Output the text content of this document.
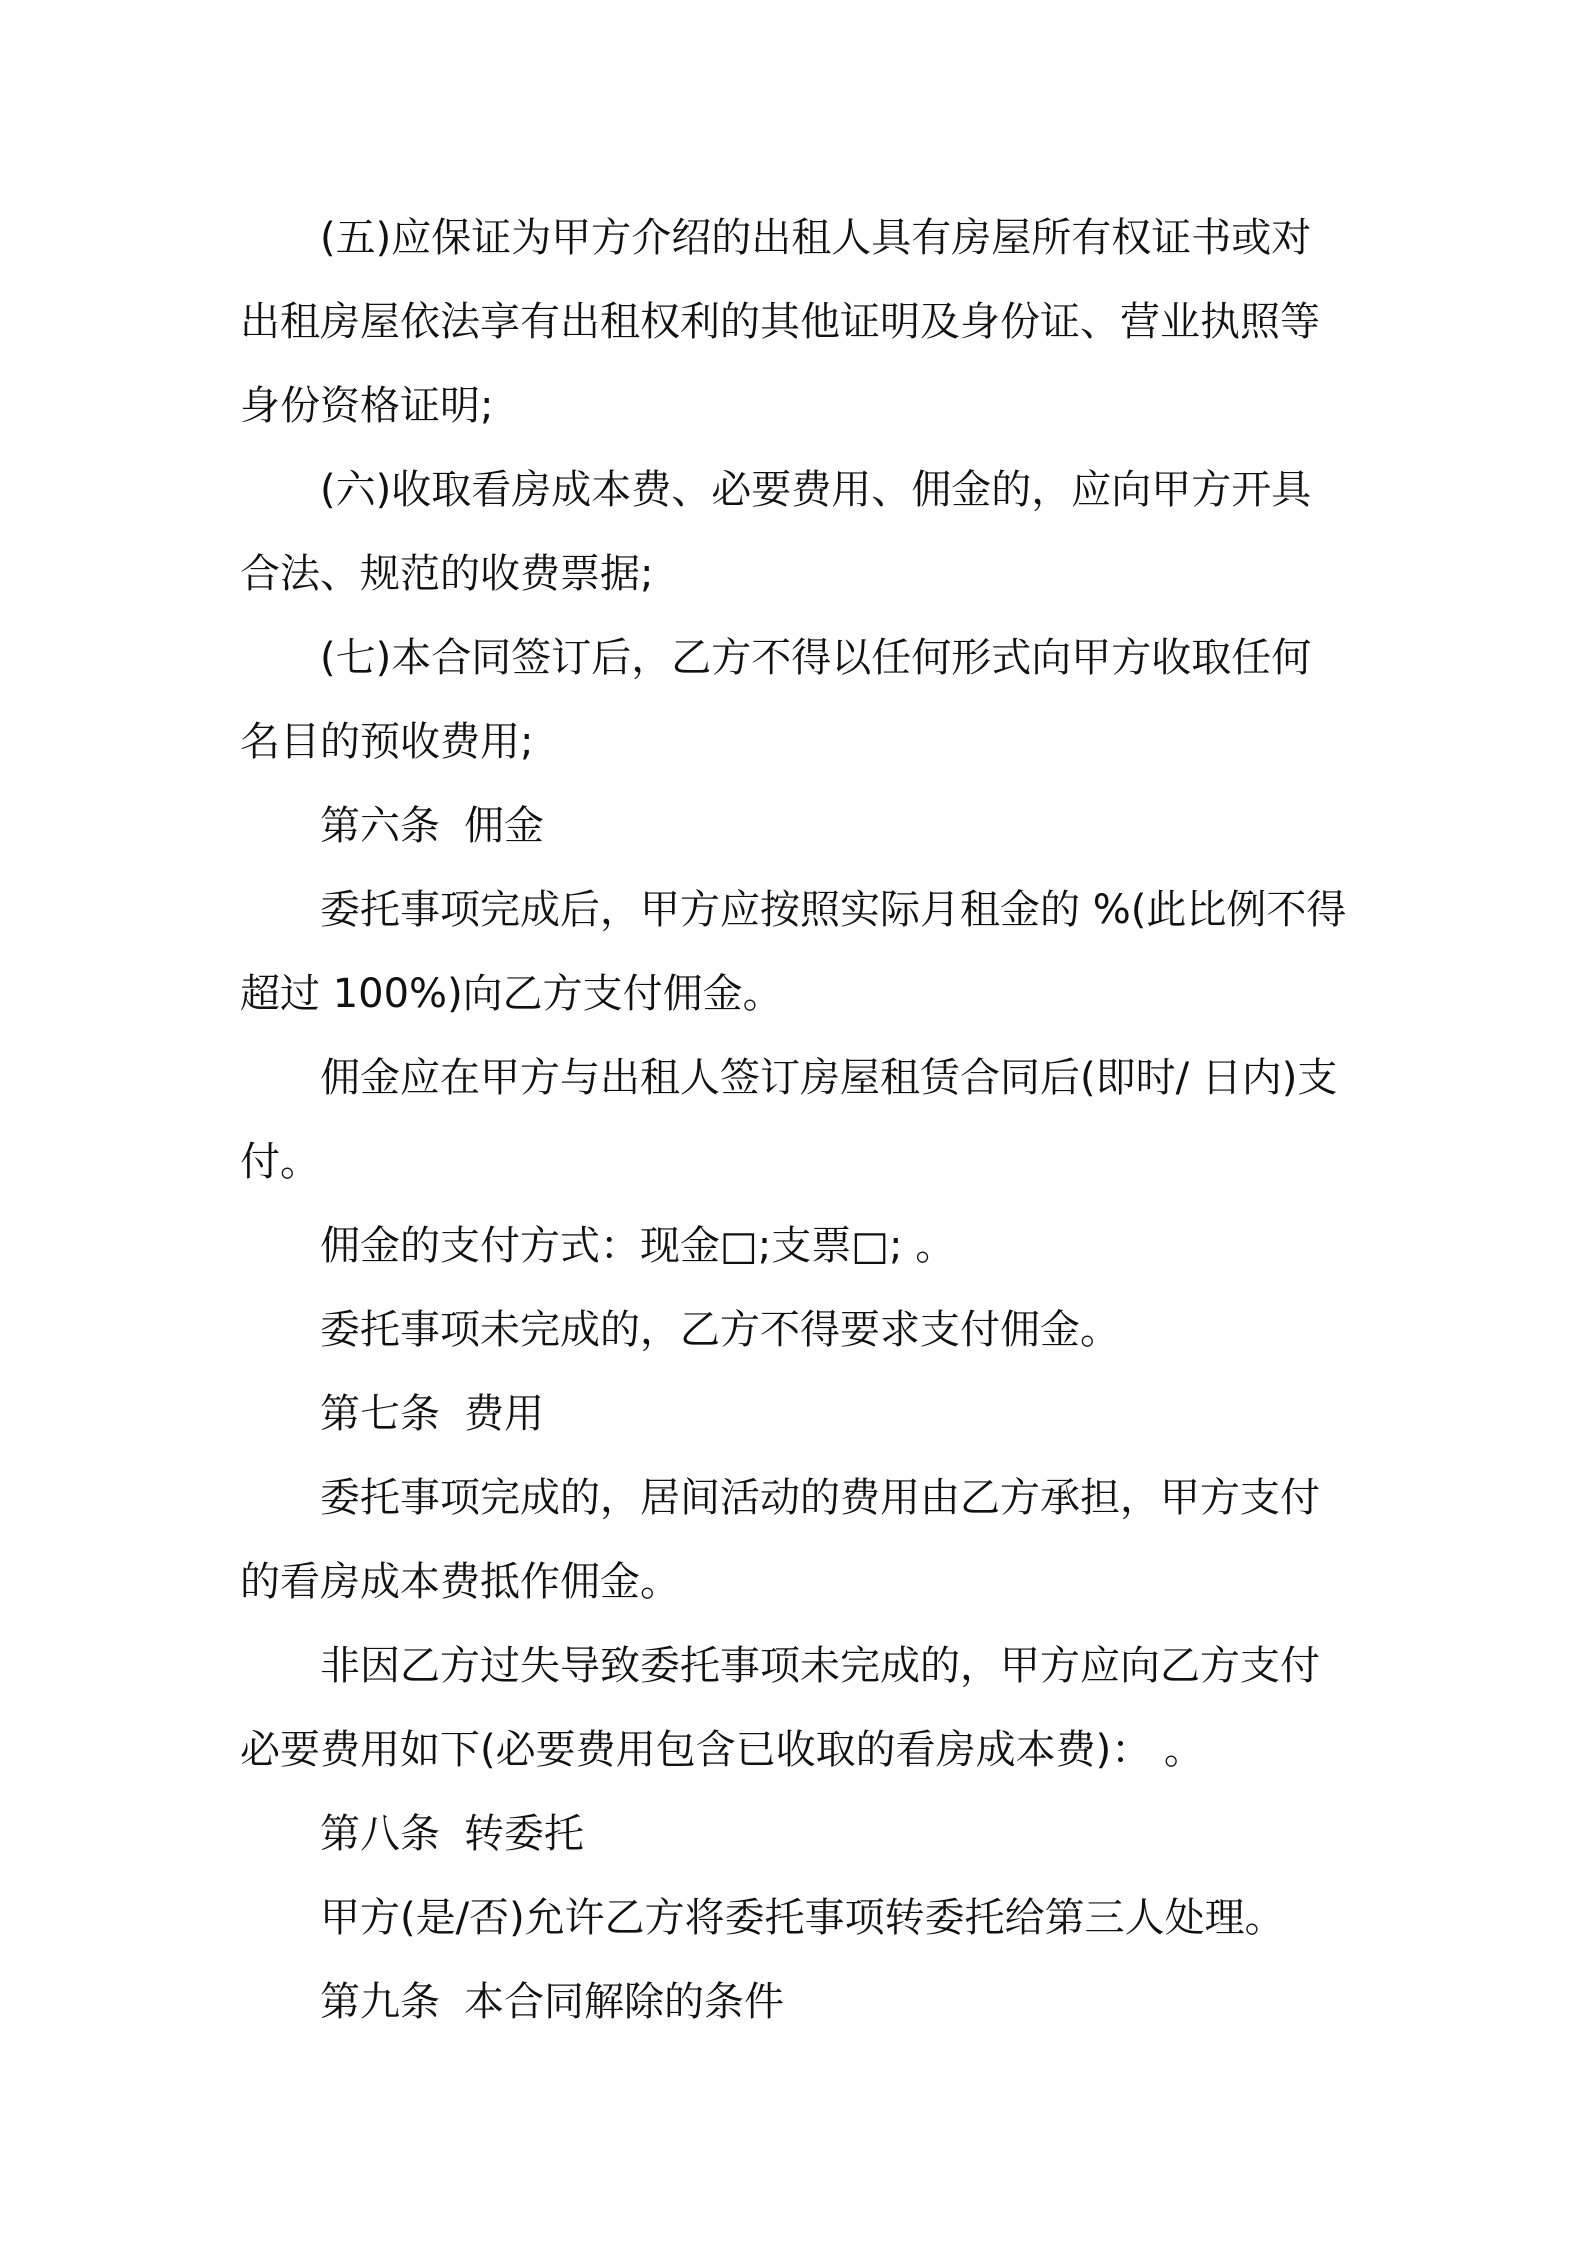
(五)应保证为甲方介绍的出租人具有房屋所有权证书或对出租房屋依法享有出租权利的其他证明及身份证、营业执照等身份资格证明;

(六)收取看房成本费、必要费用、佣金的，应向甲方开具合法、规范的收费票据;

(七)本合同签订后，乙方不得以任何形式向甲方收取任何名目的预收费用;

第六条 佣金

委托事项完成后，甲方应按照实际月租金的 %(此比例不得超过 100%)向乙方支付佣金。

佣金应在甲方与出租人签订房屋租赁合同后(即时/ 日内)支付。

佣金的支付方式：现金□;支票□; 。

委托事项未完成的，乙方不得要求支付佣金。

第七条 费用

委托事项完成的，居间活动的费用由乙方承担，甲方支付的看房成本费抵作佣金。

非因乙方过失导致委托事项未完成的，甲方应向乙方支付必要费用如下(必要费用包含已收取的看房成本费)： 。

第八条 转委托

甲方(是/否)允许乙方将委托事项转委托给第三人处理。

第九条 本合同解除的条件
